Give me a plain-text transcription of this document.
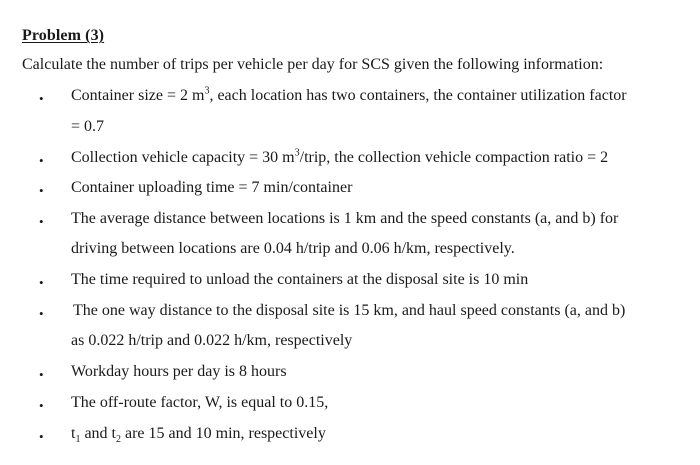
Problem (3)
Calculate the number of trips per vehicle per day for SCS given the following information:
• Container size = 2 $m^3$, each location has two containers, the container utilization factor
= 0.7
• Collection vehicle capacity = 30 $m^3$/trip, the collection vehicle compaction ratio = 2
• Container uploading time = 7 min/container
• The average distance between locations is 1 km and the speed constants (a, and b) for
driving between locations are 0.04 h/trip and 0.06 h/km, respectively.
• The time required to unload the containers at the disposal site is 10 min
• The one way distance to the disposal site is 15 km, and haul speed constants (a, and b)
as 0.022 h/trip and 0.022 h/km, respectively
• Workday hours per day is 8 hours
• The off-route factor, W, is equal to 0.15,
• $t_1$ and $t_2$ are 15 and 10 min, respectively
